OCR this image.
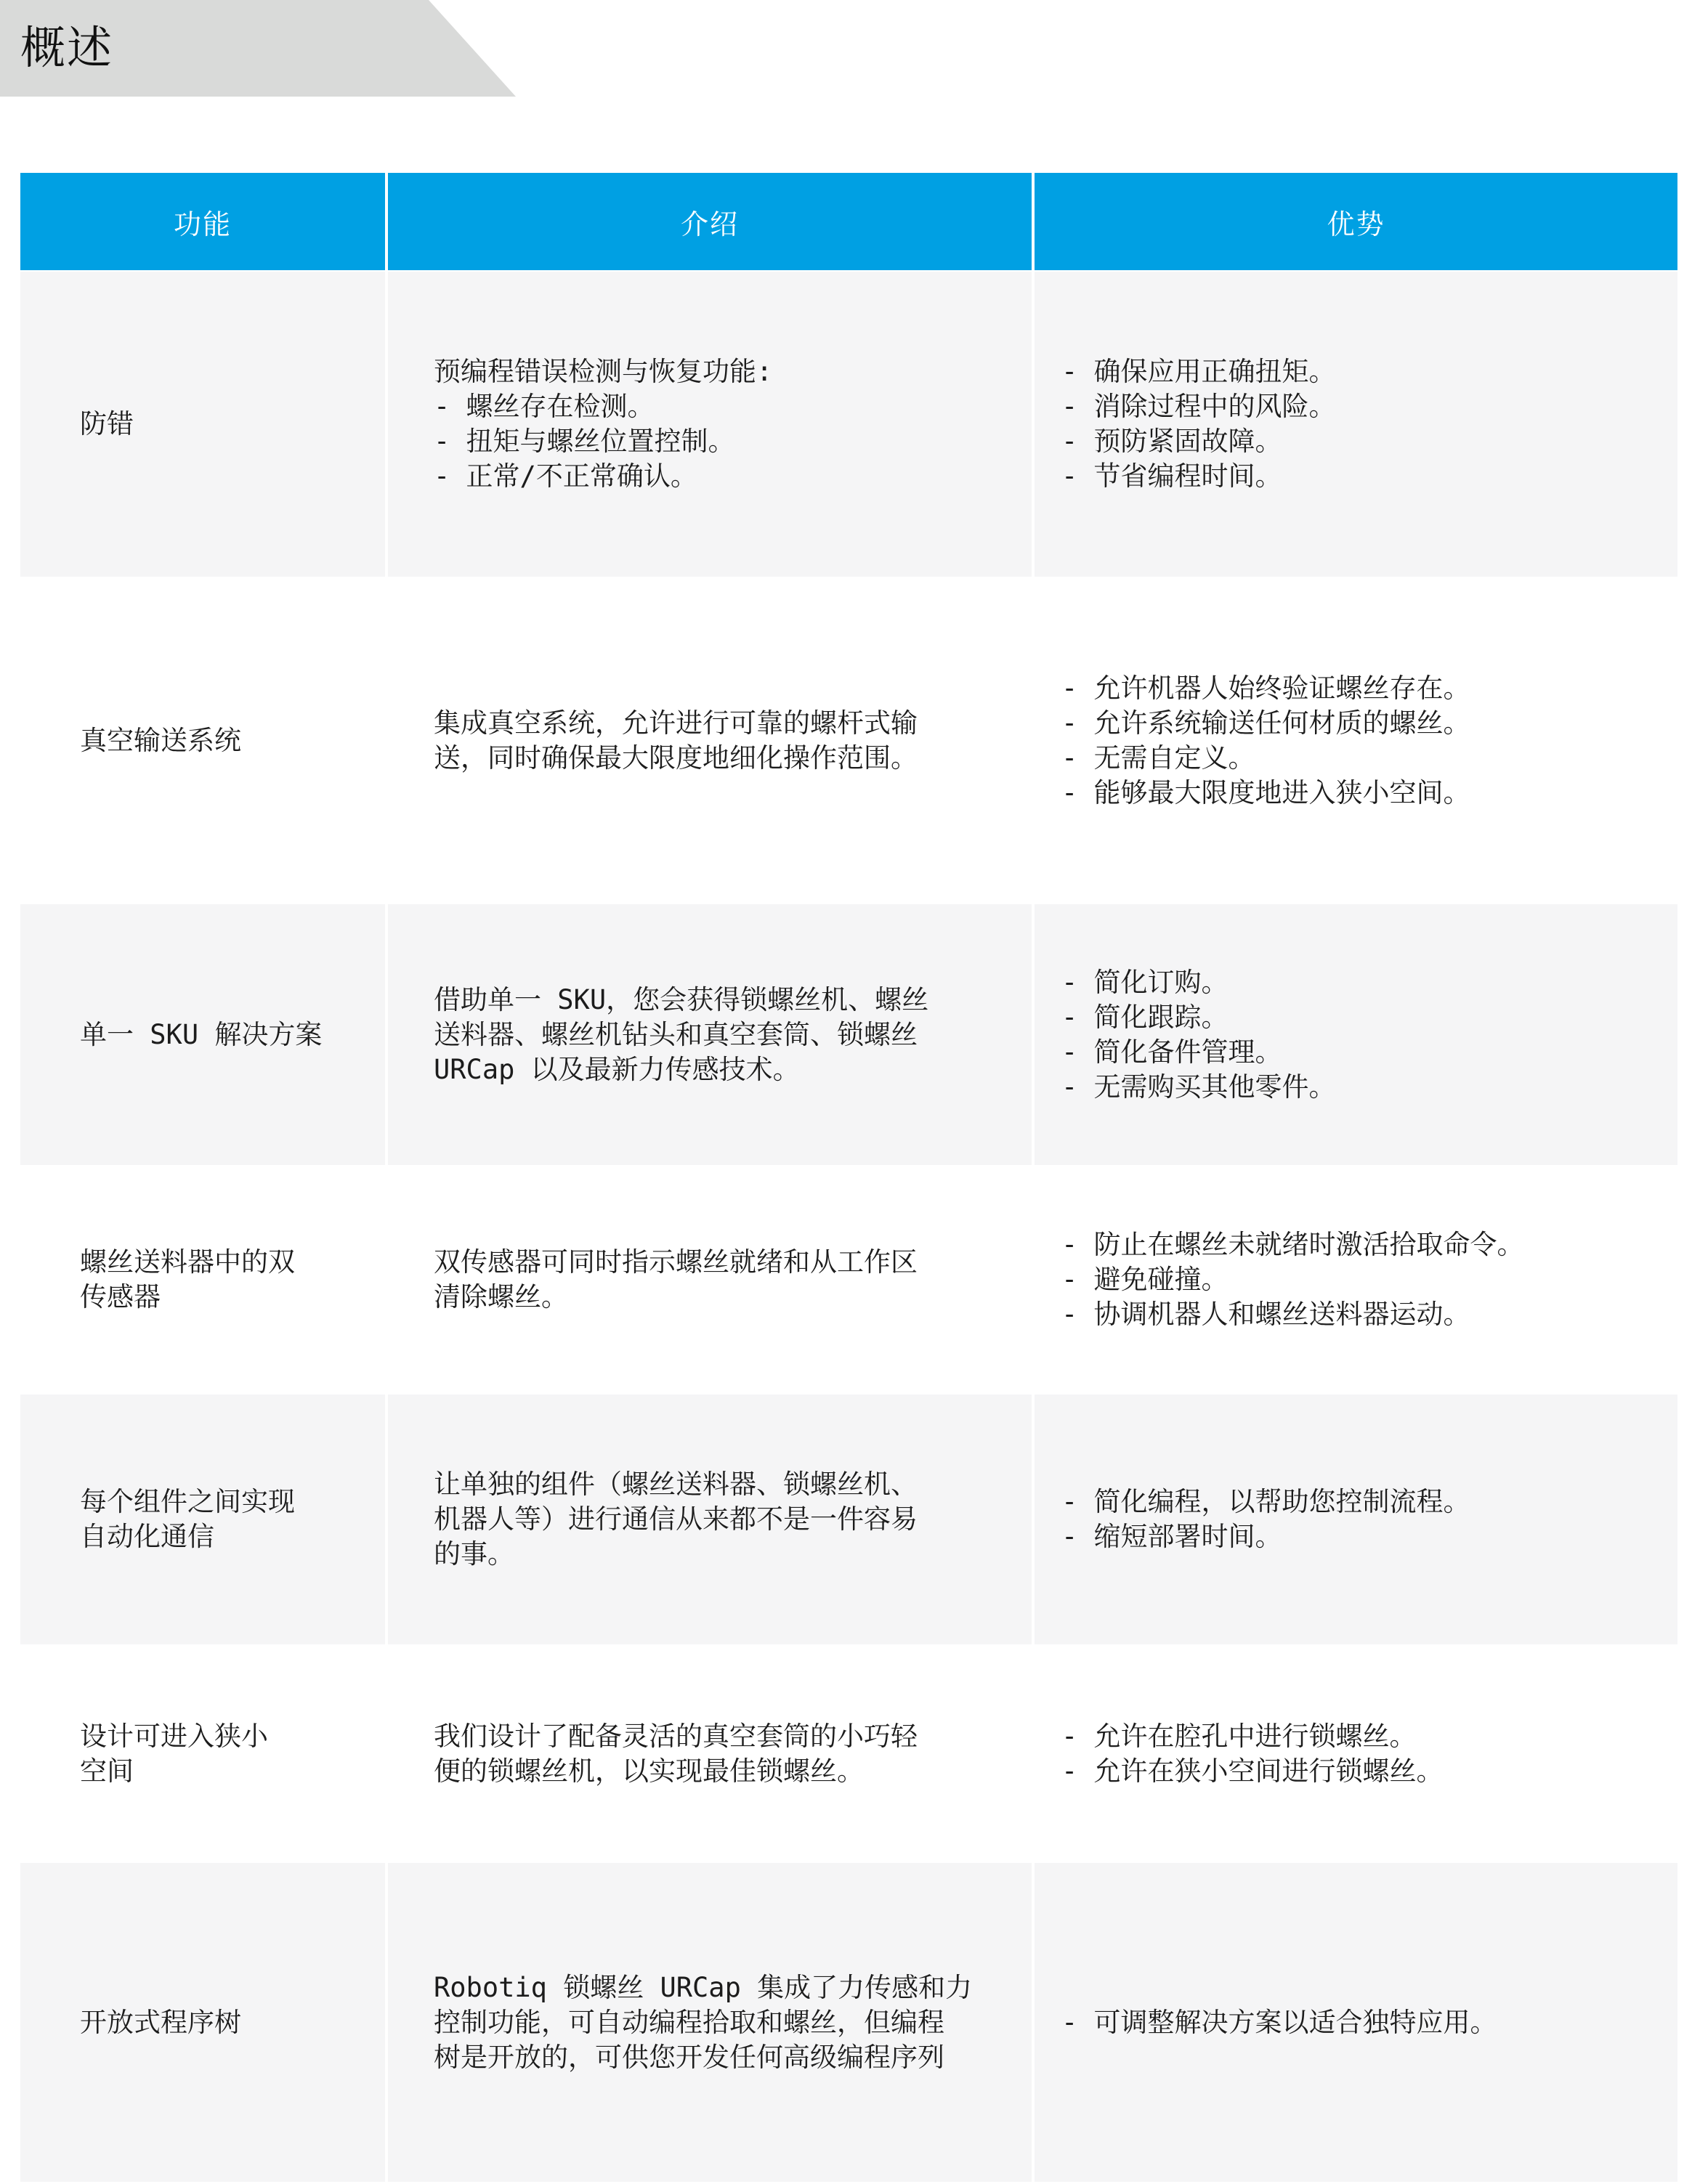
概述
功能	介绍	优势
防错
预编程错误检测与恢复功能:
- 螺丝存在检测。
- 扭矩与螺丝位置控制。
- 正常/不正常确认。
- 确保应用正确扭矩。
- 消除过程中的风险。
- 预防紧固故障。
- 节省编程时间。
真空输送系统
集成真空系统，允许进行可靠的螺杆式输
送，同时确保最大限度地细化操作范围。
- 允许机器人始终验证螺丝存在。
- 允许系统输送任何材质的螺丝。
- 无需自定义。
- 能够最大限度地进入狭小空间。
单一 SKU 解决方案
借助单一 SKU，您会获得锁螺丝机、螺丝
送料器、螺丝机钻头和真空套筒、锁螺丝
URCap 以及最新力传感技术。
- 简化订购。
- 简化跟踪。
- 简化备件管理。
- 无需购买其他零件。
螺丝送料器中的双
传感器
双传感器可同时指示螺丝就绪和从工作区
清除螺丝。
- 防止在螺丝未就绪时激活拾取命令。
- 避免碰撞。
- 协调机器人和螺丝送料器运动。
每个组件之间实现
自动化通信
让单独的组件（螺丝送料器、锁螺丝机、
机器人等）进行通信从来都不是一件容易
的事。
- 简化编程，以帮助您控制流程。
- 缩短部署时间。
设计可进入狭小
空间
我们设计了配备灵活的真空套筒的小巧轻
便的锁螺丝机，以实现最佳锁螺丝。
- 允许在腔孔中进行锁螺丝。
- 允许在狭小空间进行锁螺丝。
开放式程序树
Robotiq 锁螺丝 URCap 集成了力传感和力
控制功能，可自动编程拾取和螺丝，但编程
树是开放的，可供您开发任何高级编程序列
- 可调整解决方案以适合独特应用。
